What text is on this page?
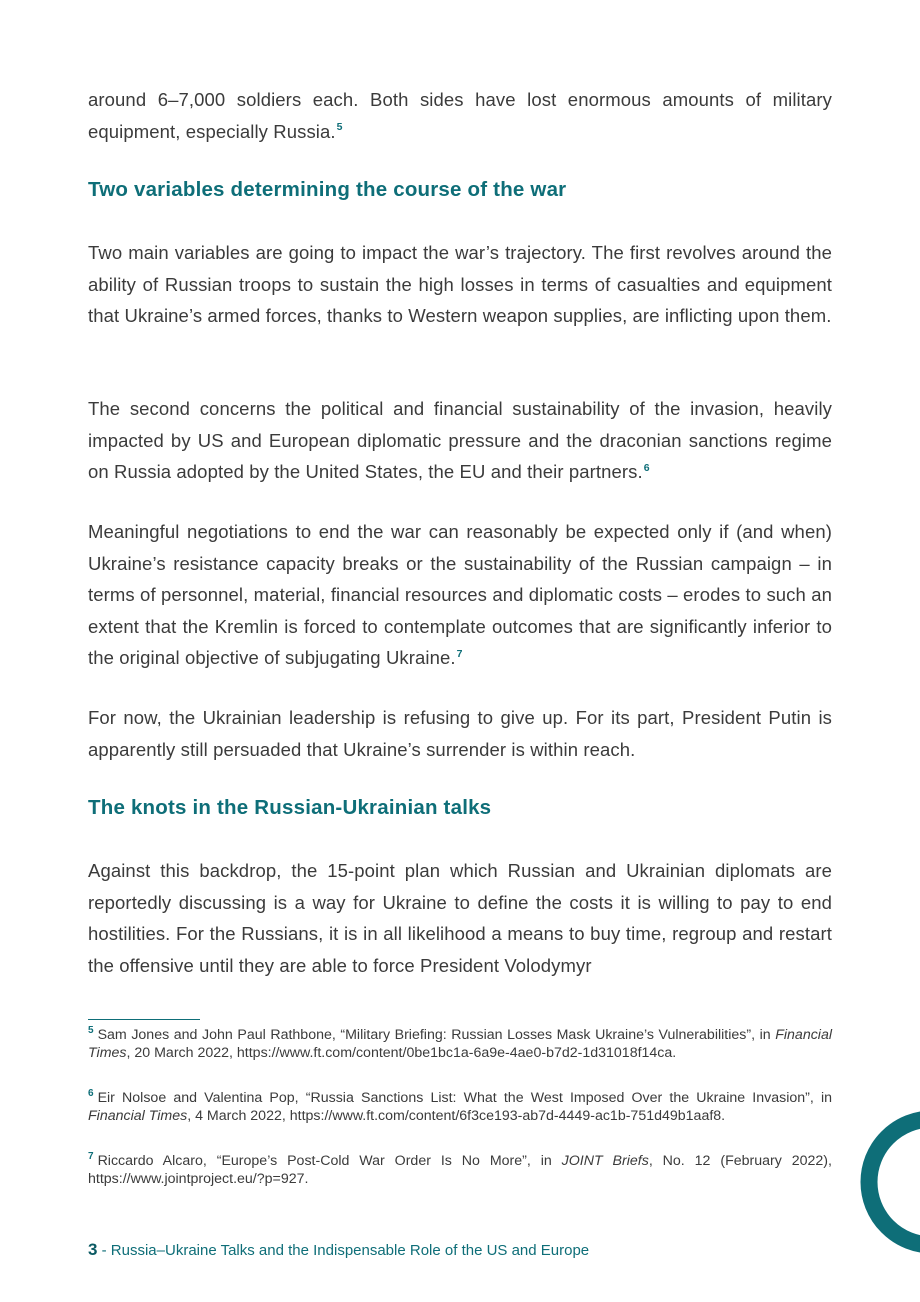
around 6–7,000 soldiers each. Both sides have lost enormous amounts of military equipment, especially Russia.$^5$

Two variables determining the course of the war

Two main variables are going to impact the war’s trajectory. The first revolves around the ability of Russian troops to sustain the high losses in terms of casualties and equipment that Ukraine’s armed forces, thanks to Western weapon supplies, are inflicting upon them.

The second concerns the political and financial sustainability of the invasion, heavily impacted by US and European diplomatic pressure and the draconian sanctions regime on Russia adopted by the United States, the EU and their partners.$^6$

Meaningful negotiations to end the war can reasonably be expected only if (and when) Ukraine’s resistance capacity breaks or the sustainability of the Russian campaign – in terms of personnel, material, financial resources and diplomatic costs – erodes to such an extent that the Kremlin is forced to contemplate outcomes that are significantly inferior to the original objective of subjugating Ukraine.$^7$

For now, the Ukrainian leadership is refusing to give up. For its part, President Putin is apparently still persuaded that Ukraine’s surrender is within reach.

The knots in the Russian-Ukrainian talks

Against this backdrop, the 15-point plan which Russian and Ukrainian diplomats are reportedly discussing is a way for Ukraine to define the costs it is willing to pay to end hostilities. For the Russians, it is in all likelihood a means to buy time, regroup and restart the offensive until they are able to force President Volodymyr

$^5$ Sam Jones and John Paul Rathbone, “Military Briefing: Russian Losses Mask Ukraine’s Vulnerabilities”, in Financial Times, 20 March 2022, https://www.ft.com/content/0be1bc1a-6a9e-4ae0-b7d2-1d31018f14ca.
$^6$ Eir Nolsoe and Valentina Pop, “Russia Sanctions List: What the West Imposed Over the Ukraine Invasion”, in Financial Times, 4 March 2022, https://www.ft.com/content/6f3ce193-ab7d-4449-ac1b-751d49b1aaf8.
$^7$ Riccardo Alcaro, “Europe’s Post-Cold War Order Is No More”, in JOINT Briefs, No. 12 (February 2022), https://www.jointproject.eu/?p=927.
3 - Russia–Ukraine Talks and the Indispensable Role of the US and Europe
